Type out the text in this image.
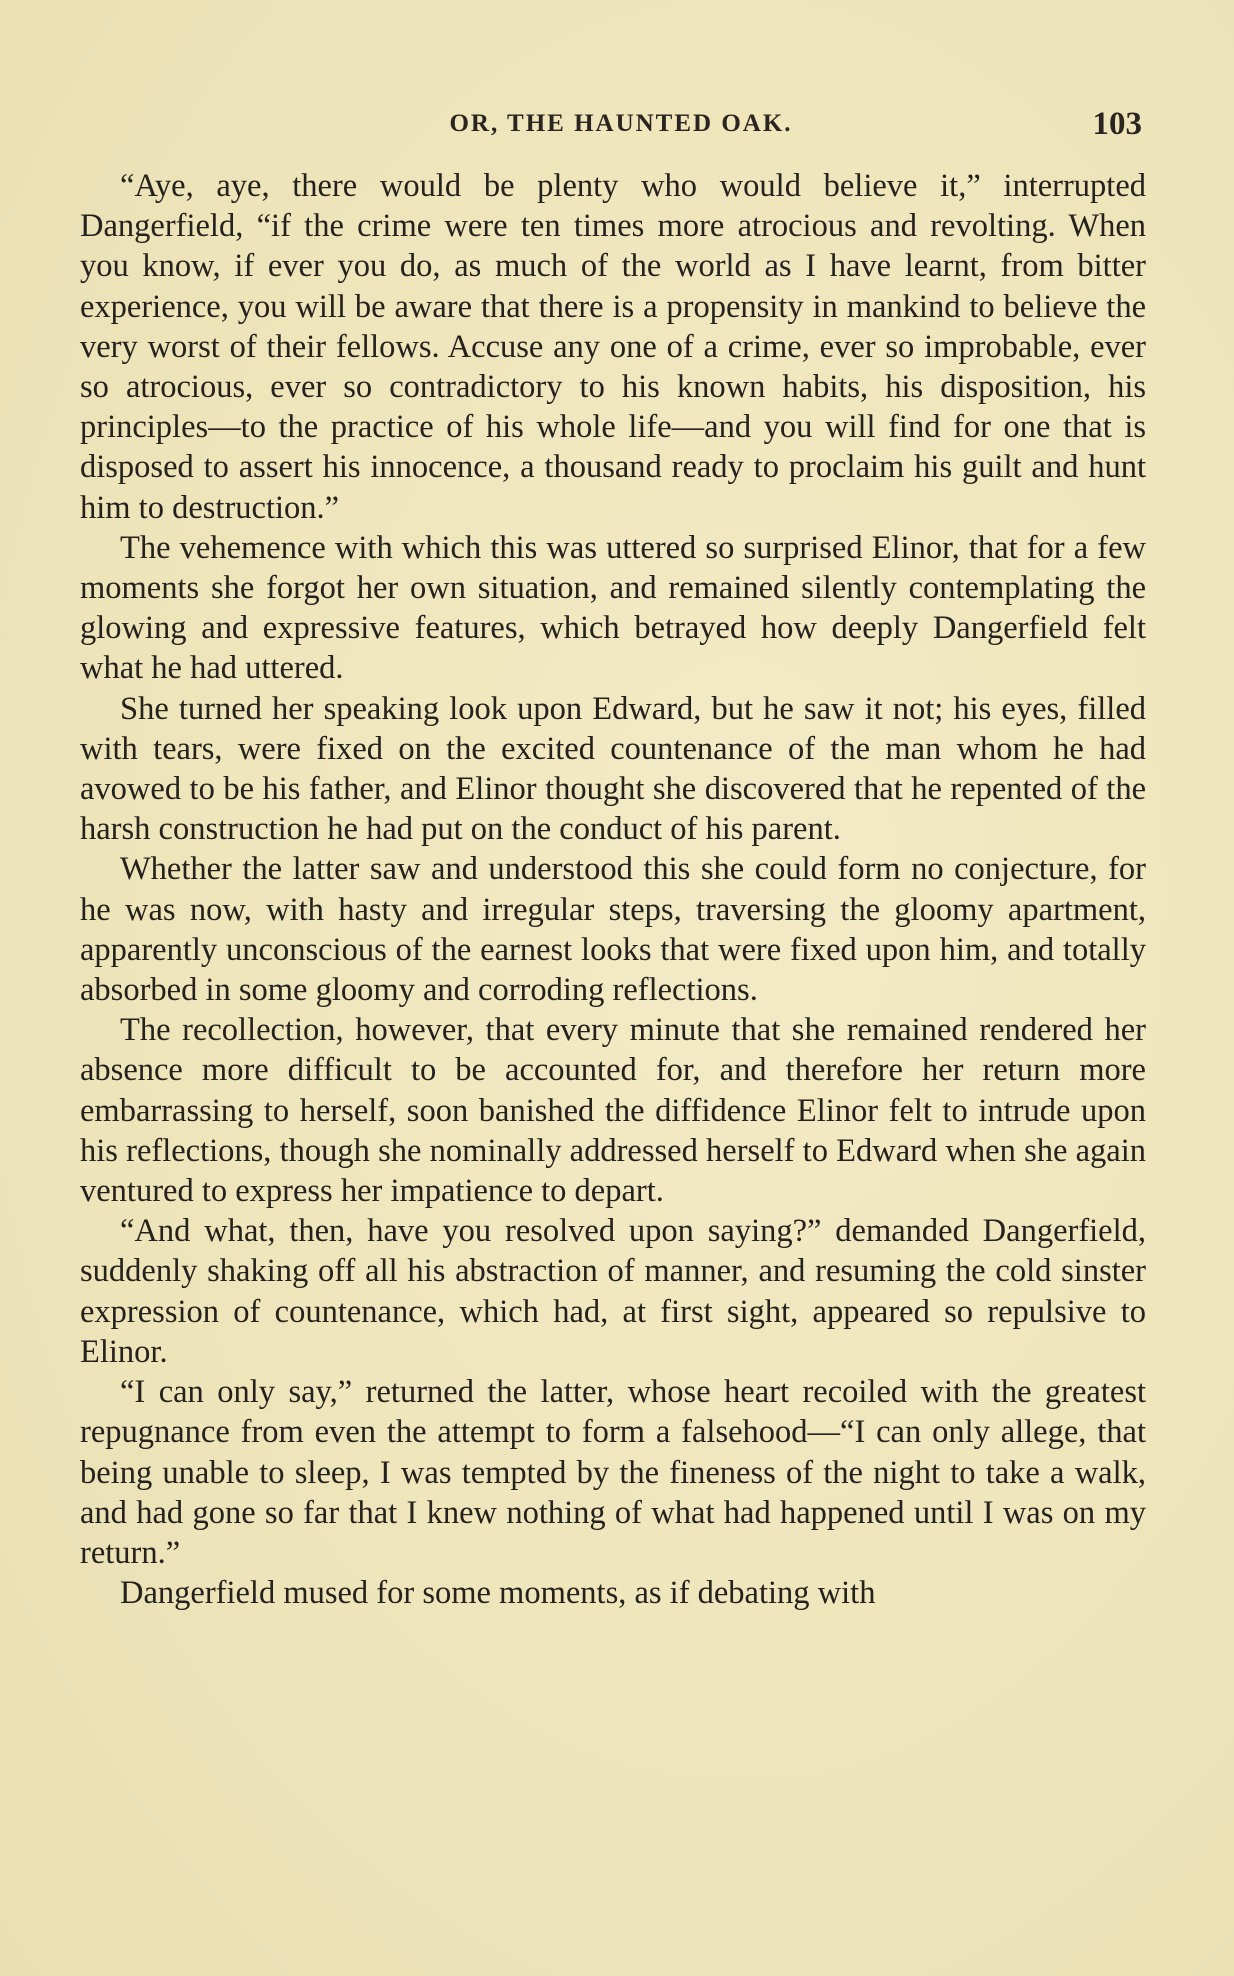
OR, THE HAUNTED OAK.	103

“Aye, aye, there would be plenty who would believe it,” interrupted Dangerfield, “if the crime were ten times more atrocious and revolting. When you know, if ever you do, as much of the world as I have learnt, from bitter experience, you will be aware that there is a propensity in mankind to believe the very worst of their fellows. Accuse any one of a crime, ever so improbable, ever so atrocious, ever so contradictory to his known habits, his disposition, his principles—to the practice of his whole life—and you will find for one that is disposed to assert his innocence, a thousand ready to proclaim his guilt and hunt him to destruction.”

The vehemence with which this was uttered so surprised Elinor, that for a few moments she forgot her own situation, and remained silently contemplating the glowing and expressive features, which betrayed how deeply Dangerfield felt what he had uttered.

She turned her speaking look upon Edward, but he saw it not; his eyes, filled with tears, were fixed on the excited countenance of the man whom he had avowed to be his father, and Elinor thought she discovered that he repented of the harsh construction he had put on the conduct of his parent.

Whether the latter saw and understood this she could form no conjecture, for he was now, with hasty and irregular steps, traversing the gloomy apartment, apparently unconscious of the earnest looks that were fixed upon him, and totally absorbed in some gloomy and corroding reflections.

The recollection, however, that every minute that she remained rendered her absence more difficult to be accounted for, and therefore her return more embarrassing to herself, soon banished the diffidence Elinor felt to intrude upon his reflections, though she nominally addressed herself to Edward when she again ventured to express her impatience to depart.

“And what, then, have you resolved upon saying?” demanded Dangerfield, suddenly shaking off all his abstraction of manner, and resuming the cold sinster expression of countenance, which had, at first sight, appeared so repulsive to Elinor.

“I can only say,” returned the latter, whose heart recoiled with the greatest repugnance from even the attempt to form a falsehood—“I can only allege, that being unable to sleep, I was tempted by the fineness of the night to take a walk, and had gone so far that I knew nothing of what had happened until I was on my return.”

Dangerfield mused for some moments, as if debating with
